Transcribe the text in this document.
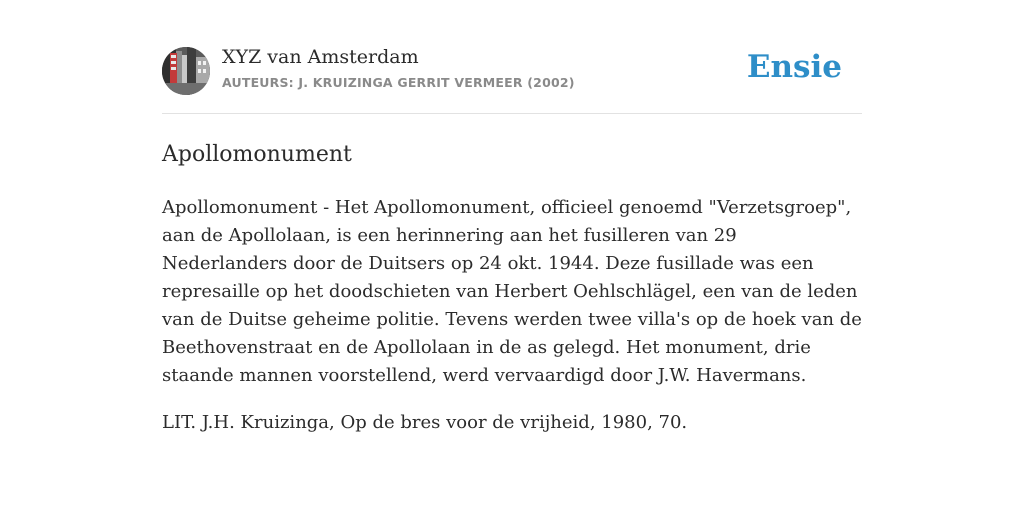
XYZ van Amsterdam
AUTEURS: J. KRUIZINGA GERRIT VERMEER (2002)	Ensie
Apollomonument

Apollomonument - Het Apollomonument, officieel genoemd "Verzetsgroep", aan de Apollolaan, is een herinnering aan het fusilleren van 29 Nederlanders door de Duitsers op 24 okt. 1944. Deze fusillade was een represaille op het doodschieten van Herbert Oehlschlägel, een van de leden van de Duitse geheime politie. Tevens werden twee villa's op de hoek van de Beethovenstraat en de Apollolaan in de as gelegd. Het monument, drie staande mannen voorstellend, werd vervaardigd door J.W. Havermans.

LIT. J.H. Kruizinga, Op de bres voor de vrijheid, 1980, 70.
